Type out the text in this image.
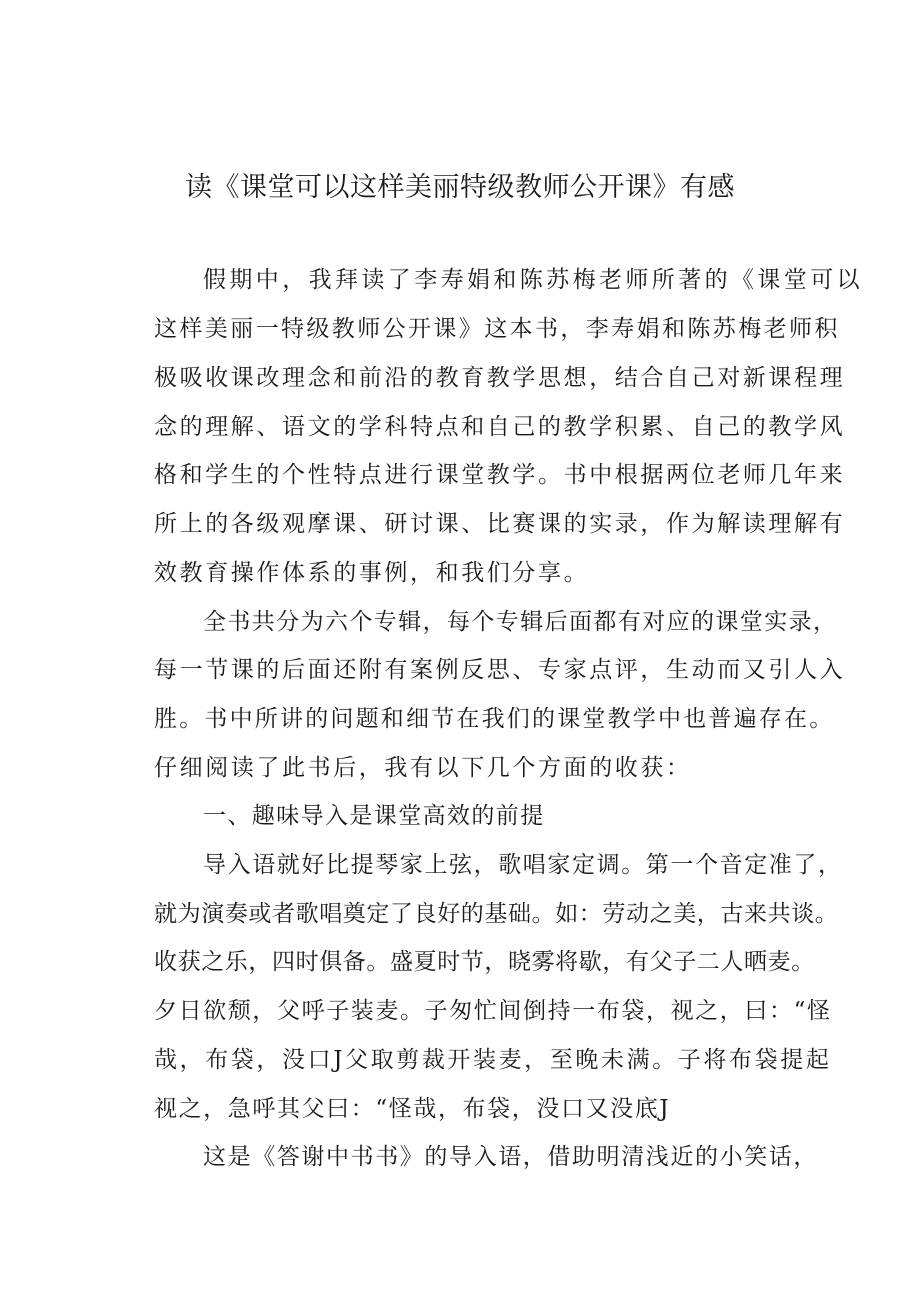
读《课堂可以这样美丽特级教师公开课》有感
假期中，我拜读了李寿娟和陈苏梅老师所著的《课堂可以
这样美丽一特级教师公开课》这本书，李寿娟和陈苏梅老师积
极吸收课改理念和前沿的教育教学思想，结合自己对新课程理
念的理解、语文的学科特点和自己的教学积累、自己的教学风
格和学生的个性特点进行课堂教学。书中根据两位老师几年来
所上的各级观摩课、研讨课、比赛课的实录，作为解读理解有
效教育操作体系的事例，和我们分享。
全书共分为六个专辑，每个专辑后面都有对应的课堂实录，
每一节课的后面还附有案例反思、专家点评，生动而又引人入
胜。书中所讲的问题和细节在我们的课堂教学中也普遍存在。
仔细阅读了此书后，我有以下几个方面的收获：
一、趣味导入是课堂高效的前提
导入语就好比提琴家上弦，歌唱家定调。第一个音定准了，
就为演奏或者歌唱奠定了良好的基础。如：劳动之美，古来共谈。
收获之乐，四时俱备。盛夏时节，晓雾将歇，有父子二人晒麦。
夕日欲颓，父呼子装麦。子匆忙间倒持一布袋，视之，曰：“怪
哉，布袋，没口J父取剪裁开装麦，至晚未满。子将布袋提起
视之，急呼其父曰：“怪哉，布袋，没口又没底J
这是《答谢中书书》的导入语，借助明清浅近的小笑话，
